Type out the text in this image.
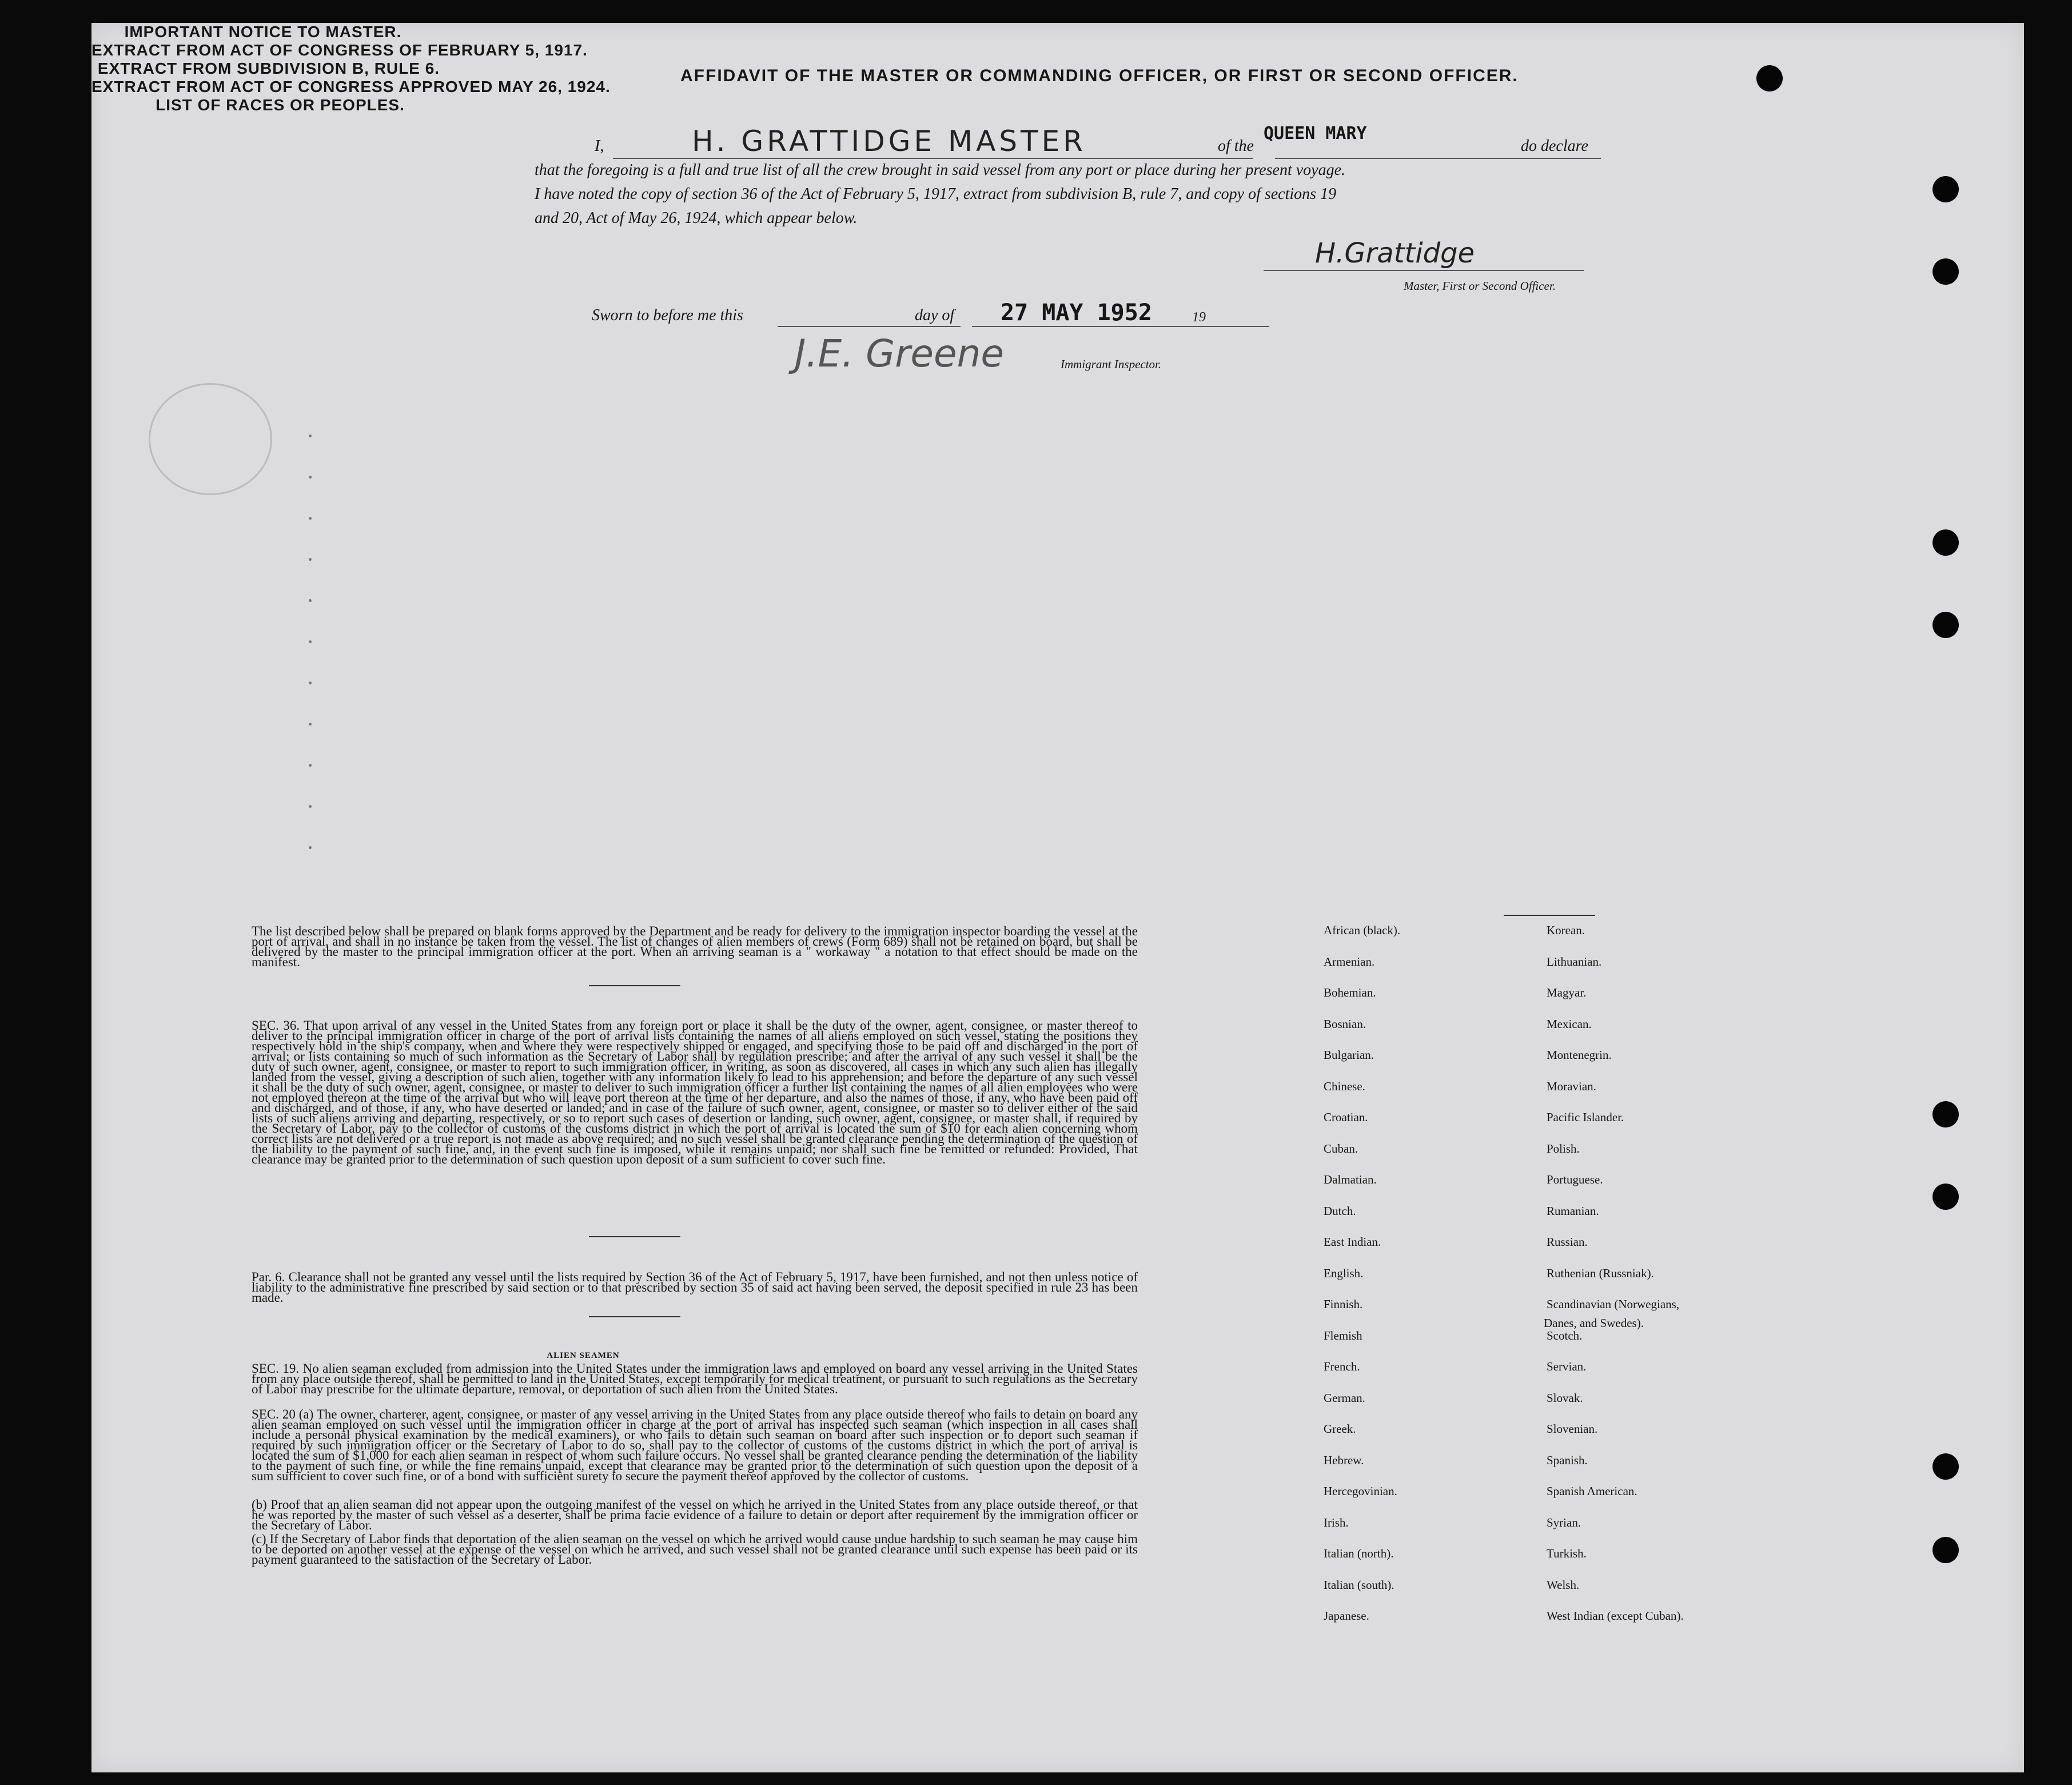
AFFIDAVIT OF THE MASTER OR COMMANDING OFFICER, OR FIRST OR SECOND OFFICER.
I,	H. GRATTIDGE MASTER	of the
QUEEN MARY
do declare
that the foregoing is a full and true list of all the crew brought in said vessel from any port or place during her present voyage.
I have noted the copy of section 36 of the Act of February 5, 1917, extract from subdivision B, rule 7, and copy of sections 19
and 20, Act of May 26, 1924, which appear below.
H.Grattidge
Master, First or Second Officer.
Sworn to before me this	day of 27 MAY 1952	19
J.E. Greene	Immigrant Inspector.
IMPORTANT NOTICE TO MASTER.
The list described below shall be prepared on blank forms approved by the Department and be ready for delivery to the immigration inspector boarding the vessel at the port of arrival, and shall in no instance be taken from the vessel. The list of changes of alien members of crews (Form 689) shall not be retained on board, but shall be delivered by the master to the principal immigration officer at the port. When an arriving seaman is a " workaway " a notation to that effect should be made on the manifest.
EXTRACT FROM ACT OF CONGRESS OF FEBRUARY 5, 1917.
SEC. 36. That upon arrival of any vessel in the United States from any foreign port or place it shall be the duty of the owner, agent, consignee, or master thereof to deliver to the principal immigration officer in charge of the port of arrival lists containing the names of all aliens employed on such vessel, stating the positions they respectively hold in the ship's company, when and where they were respectively shipped or engaged, and specifying those to be paid off and discharged in the port of arrival; or lists containing so much of such information as the Secretary of Labor shall by regulation prescribe; and after the arrival of any such vessel it shall be the duty of such owner, agent, consignee, or master to report to such immigration officer, in writing, as soon as discovered, all cases in which any such alien has illegally landed from the vessel, giving a description of such alien, together with any information likely to lead to his apprehension; and before the departure of any such vessel it shall be the duty of such owner, agent, consignee, or master to deliver to such immigration officer a further list containing the names of all alien employees who were not employed thereon at the time of the arrival but who will leave port thereon at the time of her departure, and also the names of those, if any, who have been paid off and discharged, and of those, if any, who have deserted or landed; and in case of the failure of such owner, agent, consignee, or master so to deliver either of the said lists of such aliens arriving and departing, respectively, or so to report such cases of desertion or landing, such owner, agent, consignee, or master shall, if required by the Secretary of Labor, pay to the collector of customs of the customs district in which the port of arrival is located the sum of $10 for each alien concerning whom correct lists are not delivered or a true report is not made as above required; and no such vessel shall be granted clearance pending the determination of the question of the liability to the payment of such fine, and, in the event such fine is imposed, while it remains unpaid; nor shall such fine be remitted or refunded: Provided, That clearance may be granted prior to the determination of such question upon deposit of a sum sufficient to cover such fine.
EXTRACT FROM SUBDIVISION B, RULE 6.
Par. 6. Clearance shall not be granted any vessel until the lists required by Section 36 of the Act of February 5, 1917, have been furnished, and not then unless notice of liability to the administrative fine prescribed by said section or to that prescribed by section 35 of said act having been served, the deposit specified in rule 23 has been made.
EXTRACT FROM ACT OF CONGRESS APPROVED MAY 26, 1924.
ALIEN SEAMEN
SEC. 19. No alien seaman excluded from admission into the United States under the immigration laws and employed on board any vessel arriving in the United States from any place outside thereof, shall be permitted to land in the United States, except temporarily for medical treatment, or pursuant to such regulations as the Secretary of Labor may prescribe for the ultimate departure, removal, or deportation of such alien from the United States.
SEC. 20 (a) The owner, charterer, agent, consignee, or master of any vessel arriving in the United States from any place outside thereof who fails to detain on board any alien seaman employed on such vessel until the immigration officer in charge at the port of arrival has inspected such seaman (which inspection in all cases shall include a personal physical examination by the medical examiners), or who fails to detain such seaman on board after such inspection or to deport such seaman if required by such immigration officer or the Secretary of Labor to do so, shall pay to the collector of customs of the customs district in which the port of arrival is located the sum of $1,000 for each alien seaman in respect of whom such failure occurs. No vessel shall be granted clearance pending the determination of the liability to the payment of such fine, or while the fine remains unpaid, except that clearance may be granted prior to the determination of such question upon the deposit of a sum sufficient to cover such fine, or of a bond with sufficient surety to secure the payment thereof approved by the collector of customs.
(b) Proof that an alien seaman did not appear upon the outgoing manifest of the vessel on which he arrived in the United States from any place outside thereof, or that he was reported by the master of such vessel as a deserter, shall be prima facie evidence of a failure to detain or deport after requirement by the immigration officer or the Secretary of Labor.
(c) If the Secretary of Labor finds that deportation of the alien seaman on the vessel on which he arrived would cause undue hardship to such seaman he may cause him to be deported on another vessel at the expense of the vessel on which he arrived, and such vessel shall not be granted clearance until such expense has been paid or its payment guaranteed to the satisfaction of the Secretary of Labor.
LIST OF RACES OR PEOPLES.
African (black).
Armenian.
Bohemian.
Bosnian.
Bulgarian.
Chinese.
Croatian.
Cuban.
Dalmatian.
Dutch.
East Indian.
English.
Finnish.
Flemish
French.
German.
Greek.
Hebrew.
Hercegovinian.
Irish.
Italian (north).
Italian (south).
Japanese.
Korean.
Lithuanian.
Magyar.
Mexican.
Montenegrin.
Moravian.
Pacific Islander.
Polish.
Portuguese.
Rumanian.
Russian.
Ruthenian (Russniak).
Scandinavian (Norwegians,
Scotch.
Servian.
Slovak.
Slovenian.
Spanish.
Spanish American.
Syrian.
Turkish.
Welsh.
West Indian (except Cuban).
Danes, and Swedes).
